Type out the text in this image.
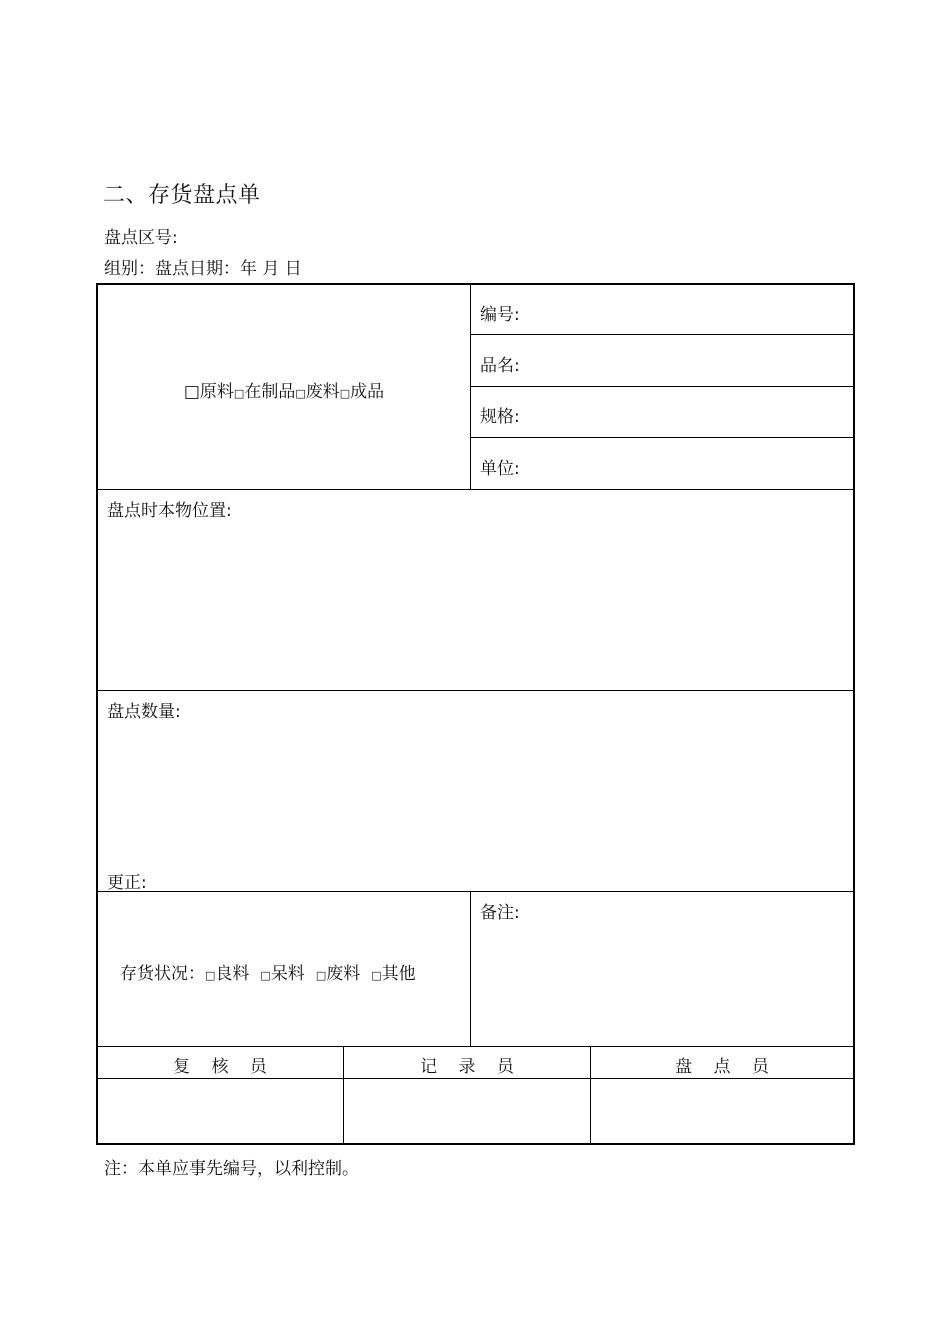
二、存货盘点单
盘点区号:
组别：盘点日期：年 月 日
□原料□在制品□废料□成品
编号:
品名:
规格:
单位:
盘点时本物位置:
盘点数量:
更正:
存货状况：□良料 □呆料 □废料 □其他
备注:
复 核 员	记 录 员	盘 点 员
注：本单应事先编号，以利控制。
